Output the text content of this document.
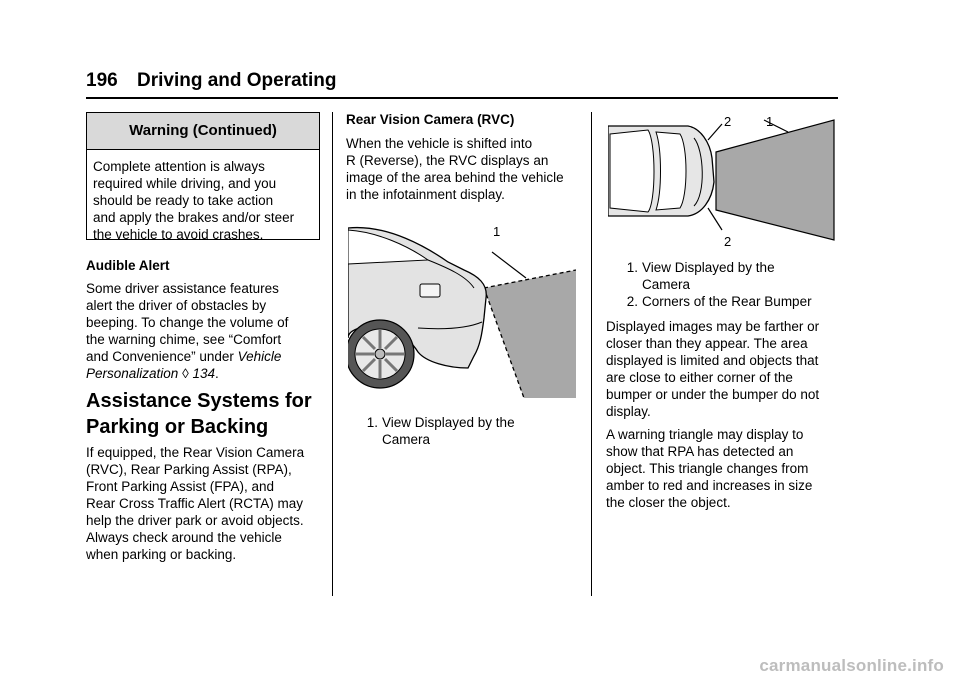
196 Driving and Operating
Warning (Continued)
Complete attention is always
required while driving, and you
should be ready to take action
and apply the brakes and/or steer
the vehicle to avoid crashes.
Audible Alert
Some driver assistance features
alert the driver of obstacles by
beeping. To change the volume of
the warning chime, see “Comfort
and Convenience” under Vehicle
Personalization ◊ 134.
Assistance Systems for
Parking or Backing
If equipped, the Rear Vision Camera
(RVC), Rear Parking Assist (RPA),
Front Parking Assist (FPA), and
Rear Cross Traffic Alert (RCTA) may
help the driver park or avoid objects.
Always check around the vehicle
when parking or backing.
Rear Vision Camera (RVC)
When the vehicle is shifted into
R (Reverse), the RVC displays an
image of the area behind the vehicle
in the infotainment display.
1
1. View Displayed by the
Camera
2	1
2
1. View Displayed by the
Camera
2. Corners of the Rear Bumper
Displayed images may be farther or
closer than they appear. The area
displayed is limited and objects that
are close to either corner of the
bumper or under the bumper do not
display.
A warning triangle may display to
show that RPA has detected an
object. This triangle changes from
amber to red and increases in size
the closer the object.
carmanualsonline.info
